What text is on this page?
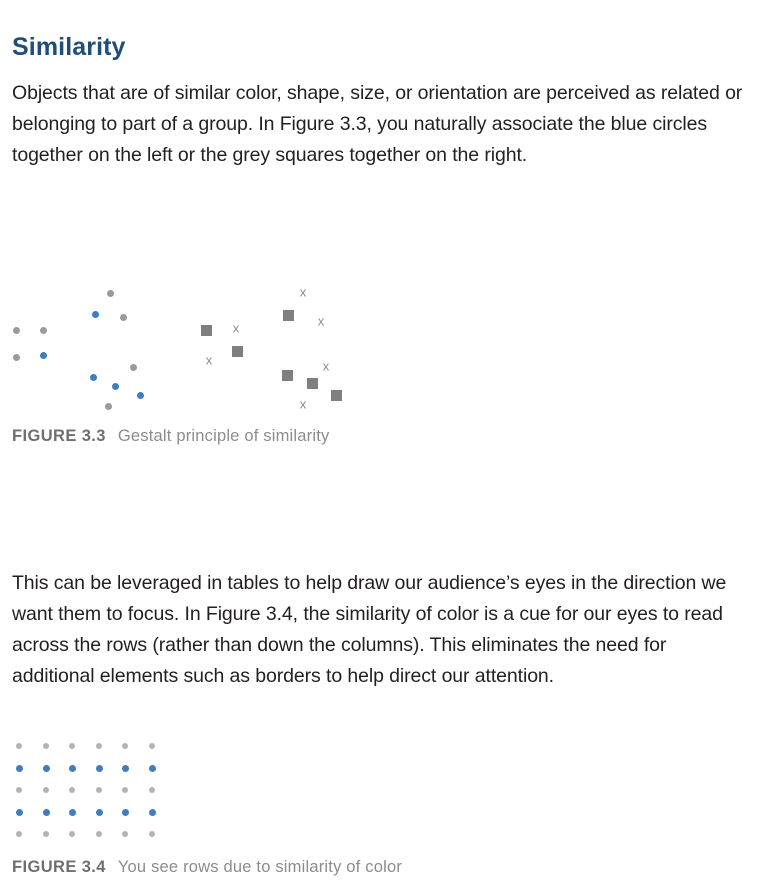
Similarity

Objects that are of similar color, shape, size, or orientation are perceived as related or belonging to part of a group. In Figure 3.3, you naturally associate the blue circles together on the left or the grey squares together on the right.

x
x	x
x	x
x
FIGURE 3.3 Gestalt principle of similarity

This can be leveraged in tables to help draw our audience’s eyes in the direction we want them to focus. In Figure 3.4, the similarity of color is a cue for our eyes to read across the rows (rather than down the columns). This eliminates the need for additional elements such as borders to help direct our attention.

FIGURE 3.4 You see rows due to similarity of color
